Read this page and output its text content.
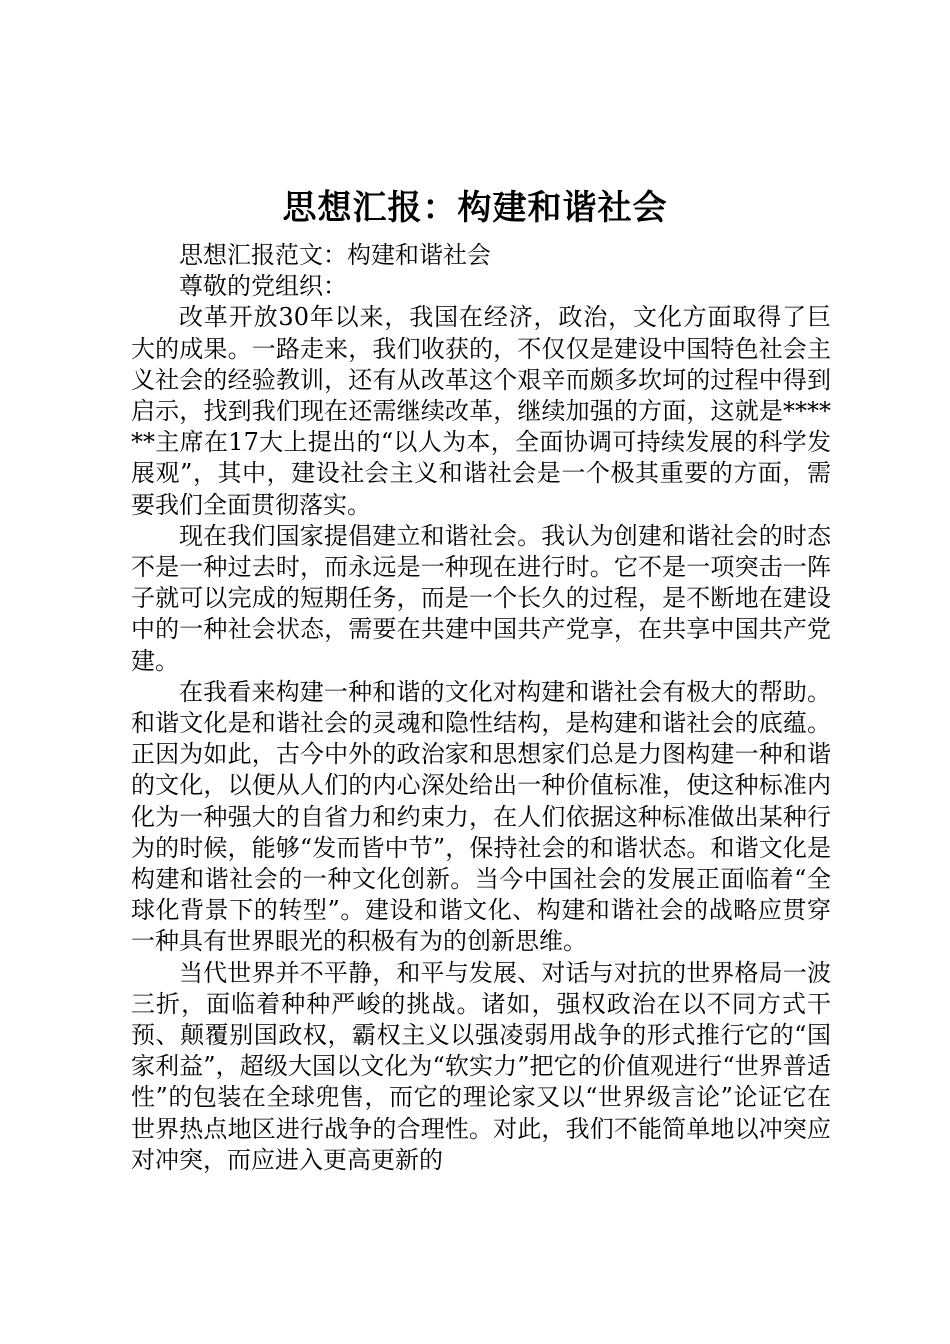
思想汇报：构建和谐社会

思想汇报范文：构建和谐社会

尊敬的党组织：

改革开放30年以来，我国在经济，政治，文化方面取得了巨大的成果。一路走来，我们收获的，不仅仅是建设中国特色社会主义社会的经验教训，还有从改革这个艰辛而颇多坎坷的过程中得到启示，找到我们现在还需继续改革，继续加强的方面，这就是******主席在17大上提出的“以人为本，全面协调可持续发展的科学发展观”，其中，建设社会主义和谐社会是一个极其重要的方面，需要我们全面贯彻落实。

现在我们国家提倡建立和谐社会。我认为创建和谐社会的时态不是一种过去时，而永远是一种现在进行时。它不是一项突击一阵子就可以完成的短期任务，而是一个长久的过程，是不断地在建设中的一种社会状态，需要在共建中国共产党享，在共享中国共产党建。

在我看来构建一种和谐的文化对构建和谐社会有极大的帮助。和谐文化是和谐社会的灵魂和隐性结构，是构建和谐社会的底蕴。正因为如此，古今中外的政治家和思想家们总是力图构建一种和谐的文化，以便从人们的内心深处给出一种价值标准，使这种标准内化为一种强大的自省力和约束力，在人们依据这种标准做出某种行为的时候，能够“发而皆中节”，保持社会的和谐状态。和谐文化是构建和谐社会的一种文化创新。当今中国社会的发展正面临着“全球化背景下的转型”。建设和谐文化、构建和谐社会的战略应贯穿一种具有世界眼光的积极有为的创新思维。

当代世界并不平静，和平与发展、对话与对抗的世界格局一波三折，面临着种种严峻的挑战。诸如，强权政治在以不同方式干预、颠覆别国政权，霸权主义以强凌弱用战争的形式推行它的“国家利益”，超级大国以文化为“软实力”把它的价值观进行“世界普适性”的包装在全球兜售，而它的理论家又以“世界级言论”论证它在世界热点地区进行战争的合理性。对此，我们不能简单地以冲突应对冲突，而应进入更高更新的
